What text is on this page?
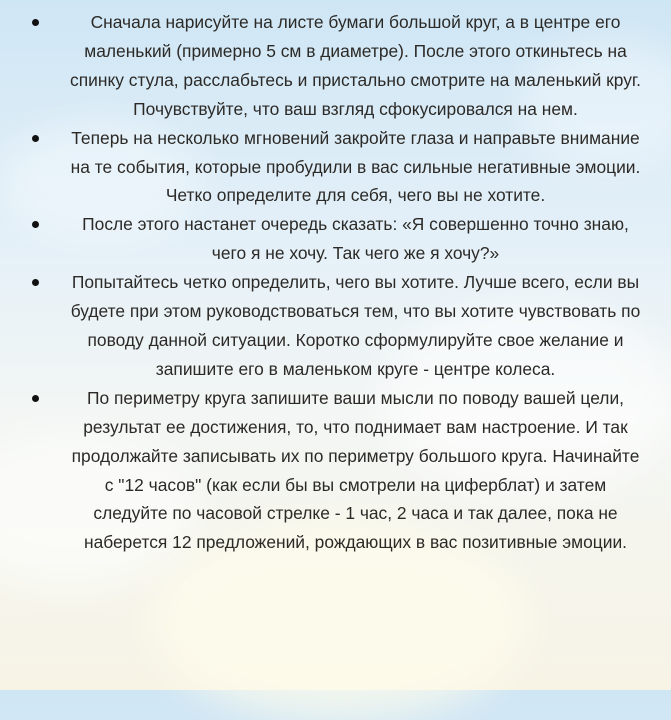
Сначала нарисуйте на листе бумаги большой круг, а в центре его маленький (примерно 5 см в диаметре). После этого откиньтесь на спинку стула, расслабьтесь и пристально смотрите на маленький круг. Почувствуйте, что ваш взгляд сфокусировался на нем.
Теперь на несколько мгновений закройте глаза и направьте внимание на те события, которые пробудили в вас сильные негативные эмоции. Четко определите для себя, чего вы не хотите.
После этого настанет очередь сказать: «Я совершенно точно знаю, чего я не хочу. Так чего же я хочу?»
Попытайтесь четко определить, чего вы хотите. Лучше всего, если вы будете при этом руководствоваться тем, что вы хотите чувствовать по поводу данной ситуации. Коротко сформулируйте свое желание и запишите его в маленьком круге - центре колеса.
По периметру круга запишите ваши мысли по поводу вашей цели, результат ее достижения, то, что поднимает вам настроение. И так продолжайте записывать их по периметру большого круга. Начинайте с "12 часов" (как если бы вы смотрели на циферблат) и затем следуйте по часовой стрелке - 1 час, 2 часа и так далее, пока не наберется 12 предложений, рождающих в вас позитивные эмоции.
